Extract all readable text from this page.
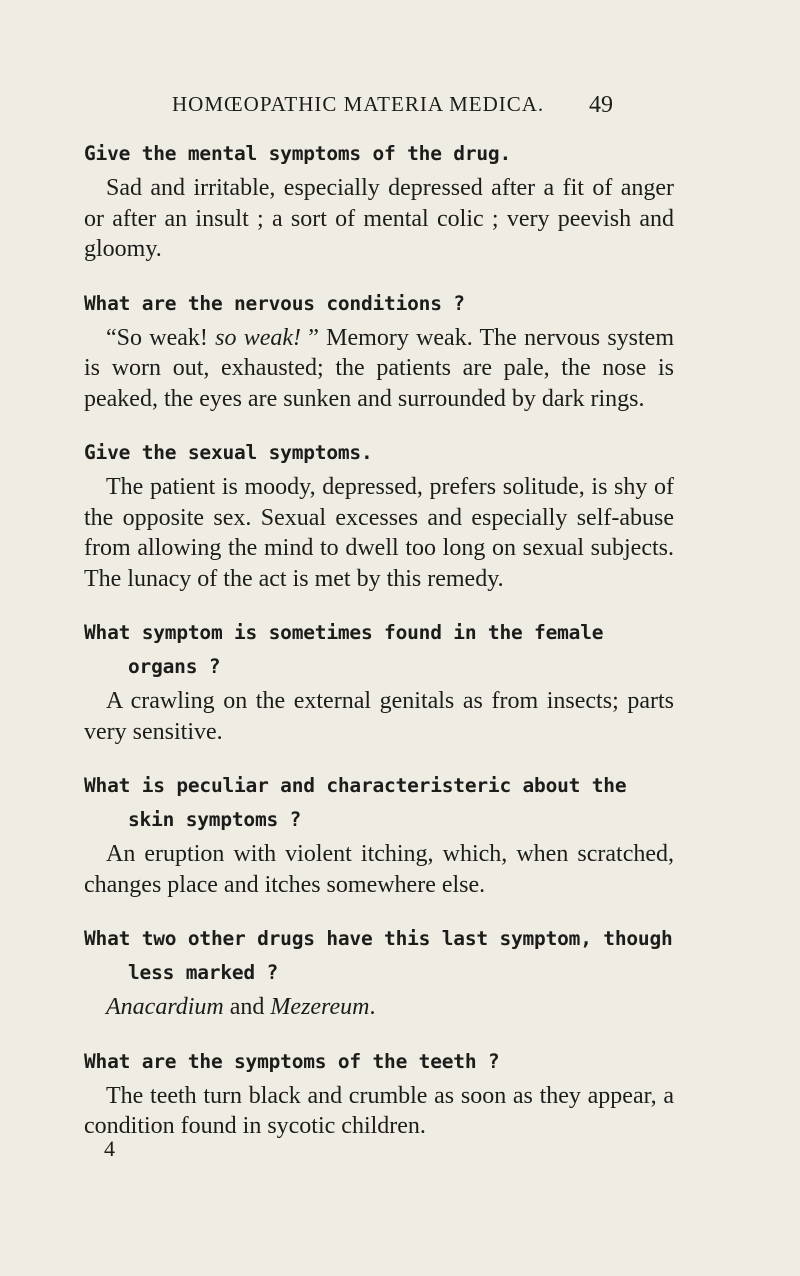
HOMŒOPATHIC MATERIA MEDICA. 49
Give the mental symptoms of the drug.
Sad and irritable, especially depressed after a fit of anger or after an insult ; a sort of mental colic ; very peevish and gloomy.
What are the nervous conditions ?
“So weak! so weak! ” Memory weak. The nervous system is worn out, exhausted; the patients are pale, the nose is peaked, the eyes are sunken and surrounded by dark rings.
Give the sexual symptoms.
The patient is moody, depressed, prefers solitude, is shy of the opposite sex. Sexual excesses and especially self-abuse from allowing the mind to dwell too long on sexual subjects. The lunacy of the act is met by this remedy.
What symptom is sometimes found in the female organs ?
A crawling on the external genitals as from insects; parts very sensitive.
What is peculiar and characteristeric about the skin symptoms ?
An eruption with violent itching, which, when scratched, changes place and itches somewhere else.
What two other drugs have this last symptom, though less marked ?
Anacardium and Mezereum.
What are the symptoms of the teeth ?
The teeth turn black and crumble as soon as they appear, a condition found in sycotic children.
4
